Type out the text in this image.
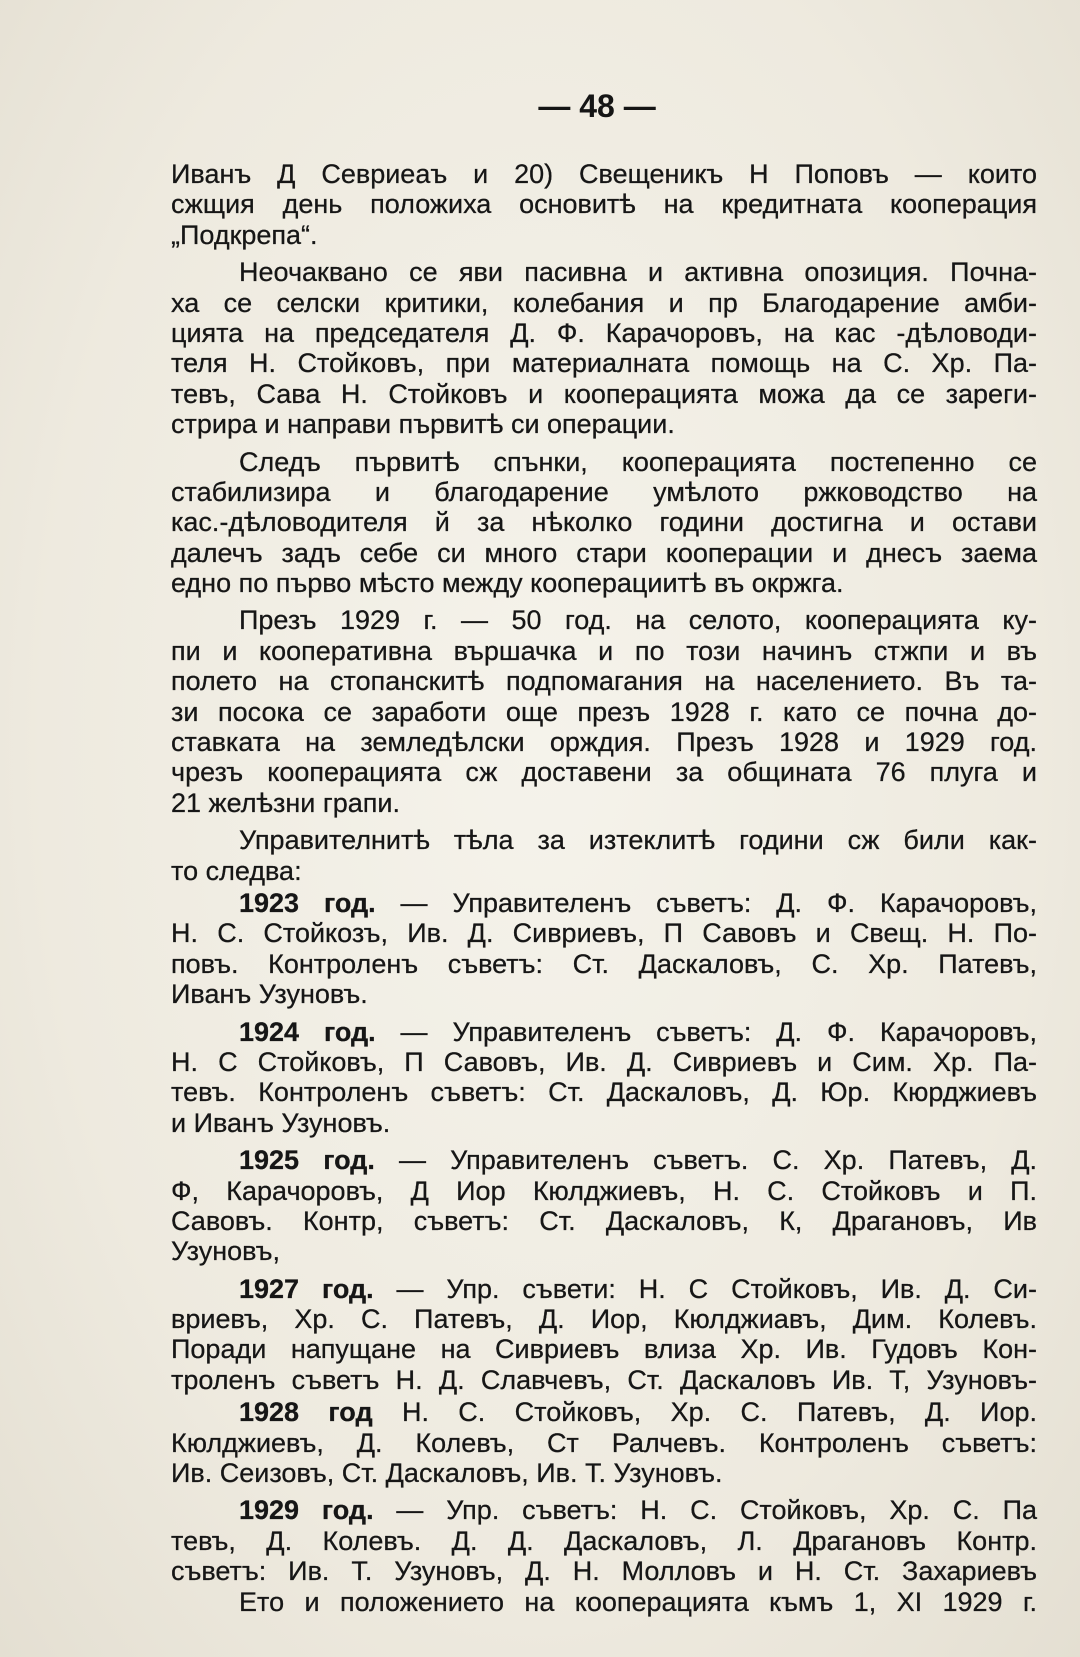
— 48 —
Иванъ Д Севриеаъ и 20) Свещеникъ Н Поповъ — които
сжщия день положиха основитѣ на кредитната кооперация
„Подкрепа“.
Неочаквано се яви пасивна и активна опозиция. Почна-
ха се селски критики, колебания и пр Благодарение амби-
цията на председателя Д. Ф. Карачоровъ, на кас -дѣловоди-
теля Н. Стойковъ, при материалната помощь на С. Хр. Па-
тевъ, Сава Н. Стойковъ и кооперацията можа да се зареги-
стрира и направи първитѣ си операции.
Следъ първитѣ спънки, кооперацията постепенно се
стабилизира и благодарение умѣлото ржководство на
кас.-дѣловодителя й за нѣколко години достигна и остави
далечъ задъ себе си много стари кооперации и днесъ заема
едно по първо мѣсто между кооперациитѣ въ окржга.
Презъ 1929 г. — 50 год. на селото, кооперацията ку-
пи и кооперативна вършачка и по този начинъ стжпи и въ
полето на стопанскитѣ подпомагания на населението. Въ та-
зи посока се заработи още презъ 1928 г. като се почна до-
ставката на земледѣлски орждия. Презъ 1928 и 1929 год.
чрезъ кооперацията сж доставени за общината 76 плуга и
21 желѣзни грапи.
Управителнитѣ тѣла за изтеклитѣ години сж били как-
то следва:
1923 год. — Управителенъ съветъ: Д. Ф. Карачоровъ,
Н. С. Стойкозъ, Ив. Д. Сивриевъ, П Савовъ и Свещ. Н. По-
повъ. Контроленъ съветъ: Ст. Даскаловъ, С. Хр. Патевъ,
Иванъ Узуновъ.
1924 год. — Управителенъ съветъ: Д. Ф. Карачоровъ,
Н. С Стойковъ, П Савовъ, Ив. Д. Сивриевъ и Сим. Хр. Па-
тевъ. Контроленъ съветъ: Ст. Даскаловъ, Д. Юр. Кюрджиевъ
и Иванъ Узуновъ.
1925 год. — Управителенъ съветъ. С. Хр. Патевъ, Д.
Ф, Карачоровъ, Д Иор Кюлджиевъ, Н. С. Стойковъ и П.
Савовъ. Контр, съветъ: Ст. Даскаловъ, К, Драгановъ, Ив
Узуновъ,
1927 год. — Упр. съвети: Н. С Стойковъ, Ив. Д. Си-
вриевъ, Хр. С. Патевъ, Д. Иор, Кюлджиавъ, Дим. Колевъ.
Поради напущане на Сивриевъ влиза Хр. Ив. Гудовъ Кон-
троленъ съветъ Н. Д. Славчевъ, Ст. Даскаловъ Ив. Т, Узуновъ-
1928 год Н. С. Стойковъ, Хр. С. Патевъ, Д. Иор.
Кюлджиевъ, Д. Колевъ, Ст Ралчевъ. Контроленъ съветъ:
Ив. Сеизовъ, Ст. Даскаловъ, Ив. Т. Узуновъ.
1929 год. — Упр. съветъ: Н. С. Стойковъ, Хр. С. Па
тевъ, Д. Колевъ. Д. Д. Даскаловъ, Л. Драгановъ Контр.
съветъ: Ив. Т. Узуновъ, Д. Н. Молловъ и Н. Ст. Захариевъ
Ето и положението на кооперацията къмъ 1, XI 1929 г.
